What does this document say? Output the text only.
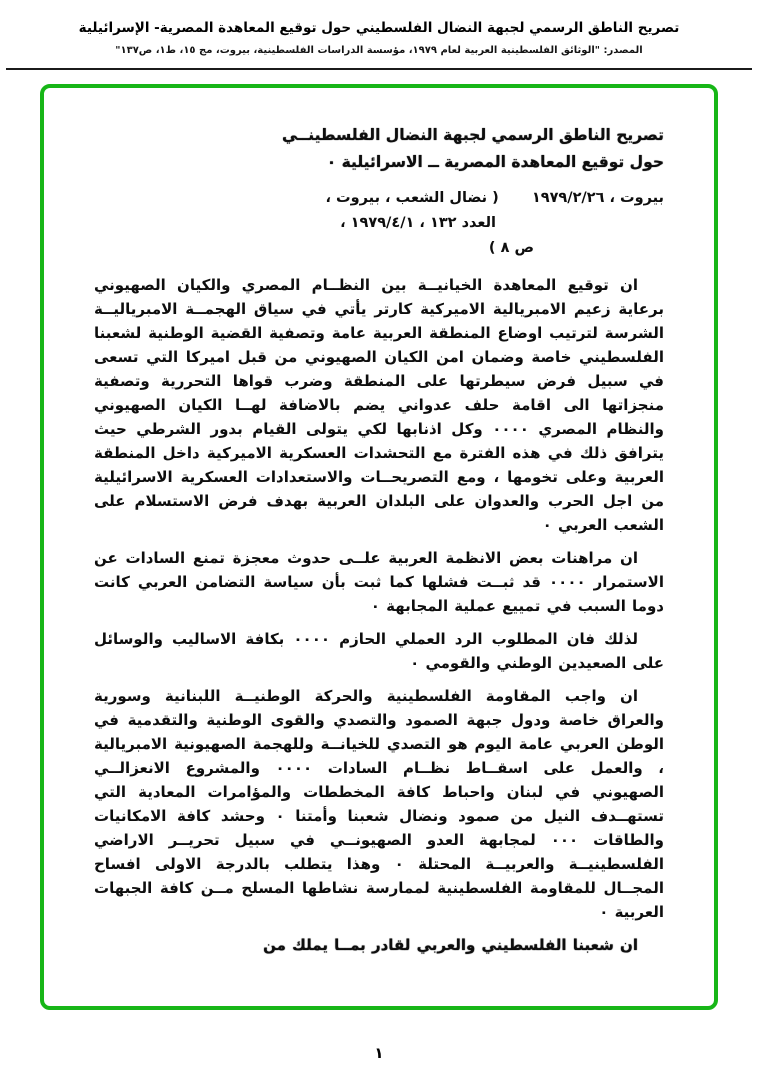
تصريح الناطق الرسمي لجبهة النضال الفلسطيني حول توقيع المعاهدة المصرية- الإسرائيلية
المصدر: "الوثائق الفلسطينية العربية لعام ١٩٧٩، مؤسسة الدراسات الفلسطينية، بيروت، مج ١٥، ط١، ص١٣٧"
تصريح الناطق الرسمي لجبهة النضال الفلسطينــي
حول توقيع المعاهدة المصرية ــ الاسرائيلية ٠
بيروت ، ١٩٧٩/٢/٢٦ ( نضال الشعب ، بيروت ،
العدد ١٣٢ ، ١٩٧٩/٤/١ ،
ص ٨ )

ان توقيع المعاهدة الخيانيــة بين النظــام المصري والكيان الصهيوني برعاية زعيم الامبريالية الاميركية كارتر يأتي في سياق الهجمــة الامبرياليــة الشرسة لترتيب اوضاع المنطقة العربية عامة وتصفية القضية الوطنية لشعبنا الفلسطيني خاصة وضمان امن الكيان الصهيوني من قبل اميركا التي تسعى في سبيل فرض سيطرتها على المنطقة وضرب قواها التحررية وتصفية منجزاتها الى اقامة حلف عدواني يضم بالاضافة لهــا الكيان الصهيوني والنظام المصري ٠٠٠٠ وكل اذنابها لكي يتولى القيام بدور الشرطي حيث يترافق ذلك في هذه الفترة مع التحشدات العسكرية الاميركية داخل المنطقة العربية وعلى تخومها ، ومع التصريحــات والاستعدادات العسكرية الاسرائيلية من اجل الحرب والعدوان على البلدان العربية بهدف فرض الاستسلام على الشعب العربي ٠

ان مراهنات بعض الانظمة العربية علــى حدوث معجزة تمنع السادات عن الاستمرار ٠٠٠٠ قد ثبــت فشلها كما ثبت بأن سياسة التضامن العربي كانت دوما السبب في تمييع عملية المجابهة ٠

لذلك فان المطلوب الرد العملي الحازم ٠٠٠٠ بكافة الاساليب والوسائل على الصعيدين الوطني والقومي ٠

ان واجب المقاومة الفلسطينية والحركة الوطنيــة اللبنانية وسورية والعراق خاصة ودول جبهة الصمود والتصدي والقوى الوطنية والتقدمية في الوطن العربي عامة اليوم هو التصدي للخيانــة وللهجمة الصهيونية الامبريالية ، والعمل على اسقــاط نظــام السادات ٠٠٠٠ والمشروع الانعزالــي الصهيوني في لبنان واحباط كافة المخططات والمؤامرات المعادية التي تستهــدف النيل من صمود ونضال شعبنا وأمتنا ٠ وحشد كافة الامكانيات والطاقات ٠٠٠ لمجابهة العدو الصهيونــي في سبيل تحريــر الاراضي الفلسطينيــة والعربيــة المحتلة ٠ وهذا يتطلب بالدرجة الاولى افساح المجــال للمقاومة الفلسطينية لممارسة نشاطها المسلح مــن كافة الجبهات العربية ٠

ان شعبنا الفلسطيني والعربي لقادر بمــا يملك من

١
